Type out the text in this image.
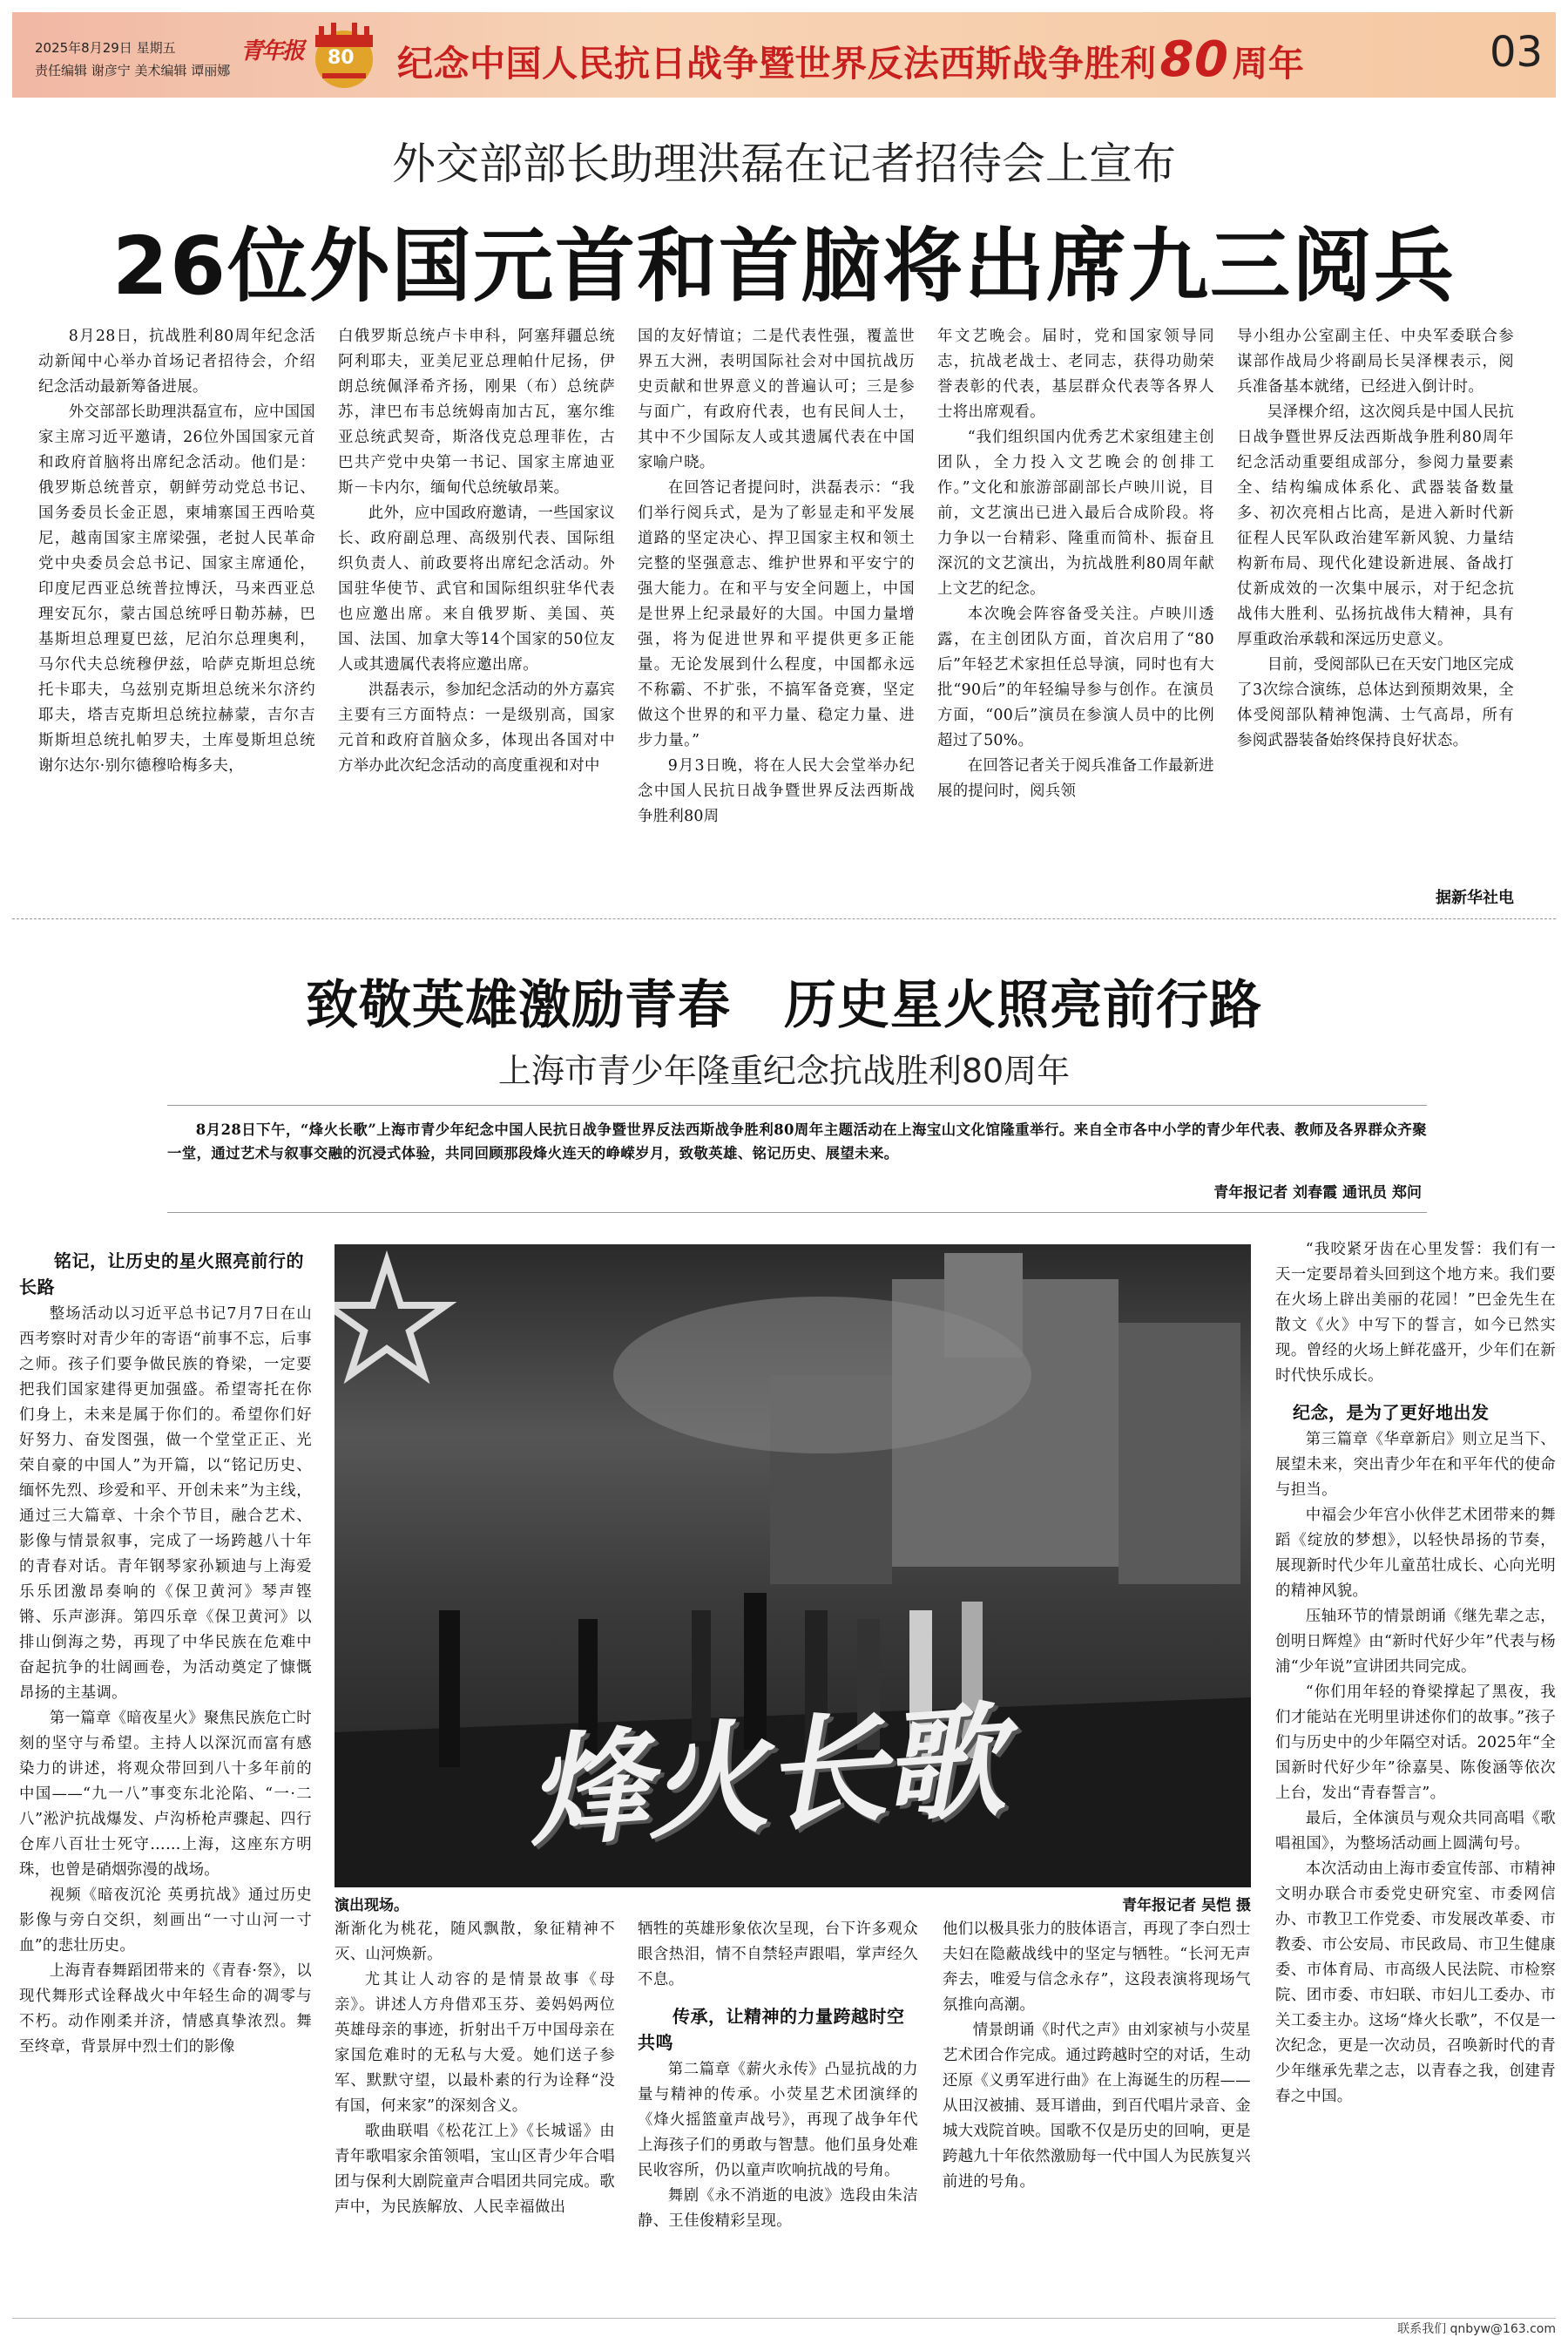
2025年8月29日 星期五
责任编辑 谢彦宁 美术编辑 谭丽娜
青年报 80 纪念中国人民抗日战争暨世界反法西斯战争胜利80周年	03
外交部部长助理洪磊在记者招待会上宣布
26位外国元首和首脑将出席九三阅兵

8月28日，抗战胜利80周年纪念活动新闻中心举办首场记者招待会，介绍纪念活动最新筹备进展。

外交部部长助理洪磊宣布，应中国国家主席习近平邀请，26位外国国家元首和政府首脑将出席纪念活动。他们是：俄罗斯总统普京，朝鲜劳动党总书记、国务委员长金正恩，柬埔寨国王西哈莫尼，越南国家主席梁强，老挝人民革命党中央委员会总书记、国家主席通伦，印度尼西亚总统普拉博沃，马来西亚总理安瓦尔，蒙古国总统呼日勒苏赫，巴基斯坦总理夏巴兹，尼泊尔总理奥利，马尔代夫总统穆伊兹，哈萨克斯坦总统托卡耶夫，乌兹别克斯坦总统米尔济约耶夫，塔吉克斯坦总统拉赫蒙，吉尔吉斯斯坦总统扎帕罗夫，土库曼斯坦总统谢尔达尔·别尔德穆哈梅多夫，

白俄罗斯总统卢卡申科，阿塞拜疆总统阿利耶夫，亚美尼亚总理帕什尼扬，伊朗总统佩泽希齐扬，刚果（布）总统萨苏，津巴布韦总统姆南加古瓦，塞尔维亚总统武契奇，斯洛伐克总理菲佐，古巴共产党中央第一书记、国家主席迪亚斯－卡内尔，缅甸代总统敏昂莱。

此外，应中国政府邀请，一些国家议长、政府副总理、高级别代表、国际组织负责人、前政要将出席纪念活动。外国驻华使节、武官和国际组织驻华代表也应邀出席。来自俄罗斯、美国、英国、法国、加拿大等14个国家的50位友人或其遗属代表将应邀出席。

洪磊表示，参加纪念活动的外方嘉宾主要有三方面特点：一是级别高，国家元首和政府首脑众多，体现出各国对中方举办此次纪念活动的高度重视和对中

国的友好情谊；二是代表性强，覆盖世界五大洲，表明国际社会对中国抗战历史贡献和世界意义的普遍认可；三是参与面广，有政府代表，也有民间人士，其中不少国际友人或其遗属代表在中国家喻户晓。

在回答记者提问时，洪磊表示：“我们举行阅兵式，是为了彰显走和平发展道路的坚定决心、捍卫国家主权和领土完整的坚强意志、维护世界和平安宁的强大能力。在和平与安全问题上，中国是世界上纪录最好的大国。中国力量增强，将为促进世界和平提供更多正能量。无论发展到什么程度，中国都永远不称霸、不扩张，不搞军备竞赛，坚定做这个世界的和平力量、稳定力量、进步力量。”

9月3日晚，将在人民大会堂举办纪念中国人民抗日战争暨世界反法西斯战争胜利80周

年文艺晚会。届时，党和国家领导同志，抗战老战士、老同志，获得功勋荣誉表彰的代表，基层群众代表等各界人士将出席观看。

“我们组织国内优秀艺术家组建主创团队，全力投入文艺晚会的创排工作。”文化和旅游部副部长卢映川说，目前，文艺演出已进入最后合成阶段。将力争以一台精彩、隆重而简朴、振奋且深沉的文艺演出，为抗战胜利80周年献上文艺的纪念。

本次晚会阵容备受关注。卢映川透露，在主创团队方面，首次启用了“80后”年轻艺术家担任总导演，同时也有大批“90后”的年轻编导参与创作。在演员方面，“00后”演员在参演人员中的比例超过了50%。

在回答记者关于阅兵准备工作最新进展的提问时，阅兵领

导小组办公室副主任、中央军委联合参谋部作战局少将副局长吴泽棵表示，阅兵准备基本就绪，已经进入倒计时。

吴泽棵介绍，这次阅兵是中国人民抗日战争暨世界反法西斯战争胜利80周年纪念活动重要组成部分，参阅力量要素全、结构编成体系化、武器装备数量多、初次亮相占比高，是进入新时代新征程人民军队政治建军新风貌、力量结构新布局、现代化建设新进展、备战打仗新成效的一次集中展示，对于纪念抗战伟大胜利、弘扬抗战伟大精神，具有厚重政治承载和深远历史意义。

目前，受阅部队已在天安门地区完成了3次综合演练，总体达到预期效果，全体受阅部队精神饱满、士气高昂，所有参阅武器装备始终保持良好状态。

据新华社电
致敬英雄激励青春　历史星火照亮前行路
上海市青少年隆重纪念抗战胜利80周年
8月28日下午，“烽火长歌”上海市青少年纪念中国人民抗日战争暨世界反法西斯战争胜利80周年主题活动在上海宝山文化馆隆重举行。来自全市各中小学的青少年代表、教师及各界群众齐聚一堂，通过艺术与叙事交融的沉浸式体验，共同回顾那段烽火连天的峥嵘岁月，致敬英雄、铭记历史、展望未来。
青年报记者 刘春霞 通讯员 郑问
烽火长歌
演出现场。	青年报记者 吴恺 摄
铭记，让历史的星火照亮前行的长路

整场活动以习近平总书记7月7日在山西考察时对青少年的寄语“前事不忘，后事之师。孩子们要争做民族的脊梁，一定要把我们国家建得更加强盛。希望寄托在你们身上，未来是属于你们的。希望你们好好努力、奋发图强，做一个堂堂正正、光荣自豪的中国人”为开篇，以“铭记历史、缅怀先烈、珍爱和平、开创未来”为主线，通过三大篇章、十余个节目，融合艺术、影像与情景叙事，完成了一场跨越八十年的青春对话。青年钢琴家孙颖迪与上海爱乐乐团激昂奏响的《保卫黄河》琴声铿锵、乐声澎湃。第四乐章《保卫黄河》以排山倒海之势，再现了中华民族在危难中奋起抗争的壮阔画卷，为活动奠定了慷慨昂扬的主基调。

第一篇章《暗夜星火》聚焦民族危亡时刻的坚守与希望。主持人以深沉而富有感染力的讲述，将观众带回到八十多年前的中国——“九一八”事变东北沦陷、“一·二八”淞沪抗战爆发、卢沟桥枪声骤起、四行仓库八百壮士死守……上海，这座东方明珠，也曾是硝烟弥漫的战场。

视频《暗夜沉沦 英勇抗战》通过历史影像与旁白交织，刻画出“一寸山河一寸血”的悲壮历史。

上海青春舞蹈团带来的《青春·祭》，以现代舞形式诠释战火中年轻生命的凋零与不朽。动作刚柔并济，情感真挚浓烈。舞至终章，背景屏中烈士们的影像

渐渐化为桃花，随风飘散，象征精神不灭、山河焕新。

尤其让人动容的是情景故事《母亲》。讲述人方舟借邓玉芬、姜妈妈两位英雄母亲的事迹，折射出千万中国母亲在家国危难时的无私与大爱。她们送子参军、默默守望，以最朴素的行为诠释“没有国，何来家”的深刻含义。

歌曲联唱《松花江上》《长城谣》由青年歌唱家余笛领唱，宝山区青少年合唱团与保利大剧院童声合唱团共同完成。歌声中，为民族解放、人民幸福做出

牺牲的英雄形象依次呈现，台下许多观众眼含热泪，情不自禁轻声跟唱，掌声经久不息。

传承，让精神的力量跨越时空共鸣

第二篇章《薪火永传》凸显抗战的力量与精神的传承。小荧星艺术团演绎的《烽火摇篮童声战号》，再现了战争年代上海孩子们的勇敢与智慧。他们虽身处难民收容所，仍以童声吹响抗战的号角。

舞剧《永不消逝的电波》选段由朱洁静、王佳俊精彩呈现。

他们以极具张力的肢体语言，再现了李白烈士夫妇在隐蔽战线中的坚定与牺牲。“长河无声奔去，唯爱与信念永存”，这段表演将现场气氛推向高潮。

情景朗诵《时代之声》由刘家祯与小荧星艺术团合作完成。通过跨越时空的对话，生动还原《义勇军进行曲》在上海诞生的历程——从田汉被捕、聂耳谱曲，到百代唱片录音、金城大戏院首映。国歌不仅是历史的回响，更是跨越九十年依然激励每一代中国人为民族复兴前进的号角。

“我咬紧牙齿在心里发誓：我们有一天一定要昂着头回到这个地方来。我们要在火场上辟出美丽的花园！”巴金先生在散文《火》中写下的誓言，如今已然实现。曾经的火场上鲜花盛开，少年们在新时代快乐成长。

纪念，是为了更好地出发

第三篇章《华章新启》则立足当下、展望未来，突出青少年在和平年代的使命与担当。

中福会少年宫小伙伴艺术团带来的舞蹈《绽放的梦想》，以轻快昂扬的节奏，展现新时代少年儿童茁壮成长、心向光明的精神风貌。

压轴环节的情景朗诵《继先辈之志，创明日辉煌》由“新时代好少年”代表与杨浦“少年说”宣讲团共同完成。

“你们用年轻的脊梁撑起了黑夜，我们才能站在光明里讲述你们的故事。”孩子们与历史中的少年隔空对话。2025年“全国新时代好少年”徐嘉昊、陈俊涵等依次上台，发出“青春誓言”。

最后，全体演员与观众共同高唱《歌唱祖国》，为整场活动画上圆满句号。

本次活动由上海市委宣传部、市精神文明办联合市委党史研究室、市委网信办、市教卫工作党委、市发展改革委、市教委、市公安局、市民政局、市卫生健康委、市体育局、市高级人民法院、市检察院、团市委、市妇联、市妇儿工委办、市关工委主办。这场“烽火长歌”，不仅是一次纪念，更是一次动员，召唤新时代的青少年继承先辈之志，以青春之我，创建青春之中国。

联系我们 qnbyw@163.com
